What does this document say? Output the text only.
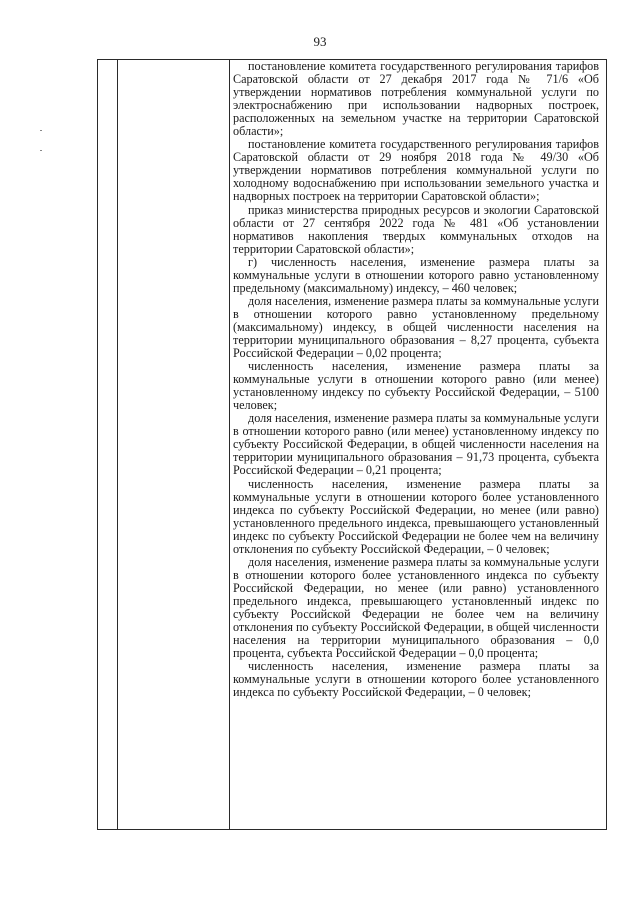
93

постановление комитета государственного регулирования тарифов Саратовской области от 27 декабря 2017 года № 71/6 «Об утверждении нормативов потребления коммунальной услуги по электроснабжению при использовании надворных построек, расположенных на земельном участке на территории Саратовской области»;

постановление комитета государственного регулирования тарифов Саратовской области от 29 ноября 2018 года № 49/30 «Об утверждении нормативов потребления коммунальной услуги по холодному водоснабжению при использовании земельного участка и надворных построек на территории Саратовской области»;

приказ министерства природных ресурсов и экологии Саратовской области от 27 сентября 2022 года № 481 «Об установлении нормативов накопления твердых коммунальных отходов на территории Саратовской области»;

г) численность населения, изменение размера платы за коммунальные услуги в отношении которого равно установленному предельному (максимальному) индексу, – 460 человек;

доля населения, изменение размера платы за коммунальные услуги в отношении которого равно установленному предельному (максимальному) индексу, в общей численности населения на территории муниципального образования – 8,27 процента, субъекта Российской Федерации – 0,02 процента;

численность населения, изменение размера платы за коммунальные услуги в отношении которого равно (или менее) установленному индексу по субъекту Российской Федерации, – 5100 человек;

доля населения, изменение размера платы за коммунальные услуги в отношении которого равно (или менее) установленному индексу по субъекту Российской Федерации, в общей численности населения на территории муниципального образования – 91,73 процента, субъекта Российской Федерации – 0,21 процента;

численность населения, изменение размера платы за коммунальные услуги в отношении которого более установленного индекса по субъекту Российской Федерации, но менее (или равно) установленного предельного индекса, превышающего установленный индекс по субъекту Российской Федерации не более чем на величину отклонения по субъекту Российской Федерации, – 0 человек;

доля населения, изменение размера платы за коммунальные услуги в отношении которого более установленного индекса по субъекту Российской Федерации, но менее (или равно) установленного предельного индекса, превышающего установленный индекс по субъекту Российской Федерации не более чем на величину отклонения по субъекту Российской Федерации, в общей численности населения на территории муниципального образования – 0,0 процента, субъекта Российской Федерации – 0,0 процента;

численность населения, изменение размера платы за коммунальные услуги в отношении которого более установленного индекса по субъекту Российской Федерации, – 0 человек;
